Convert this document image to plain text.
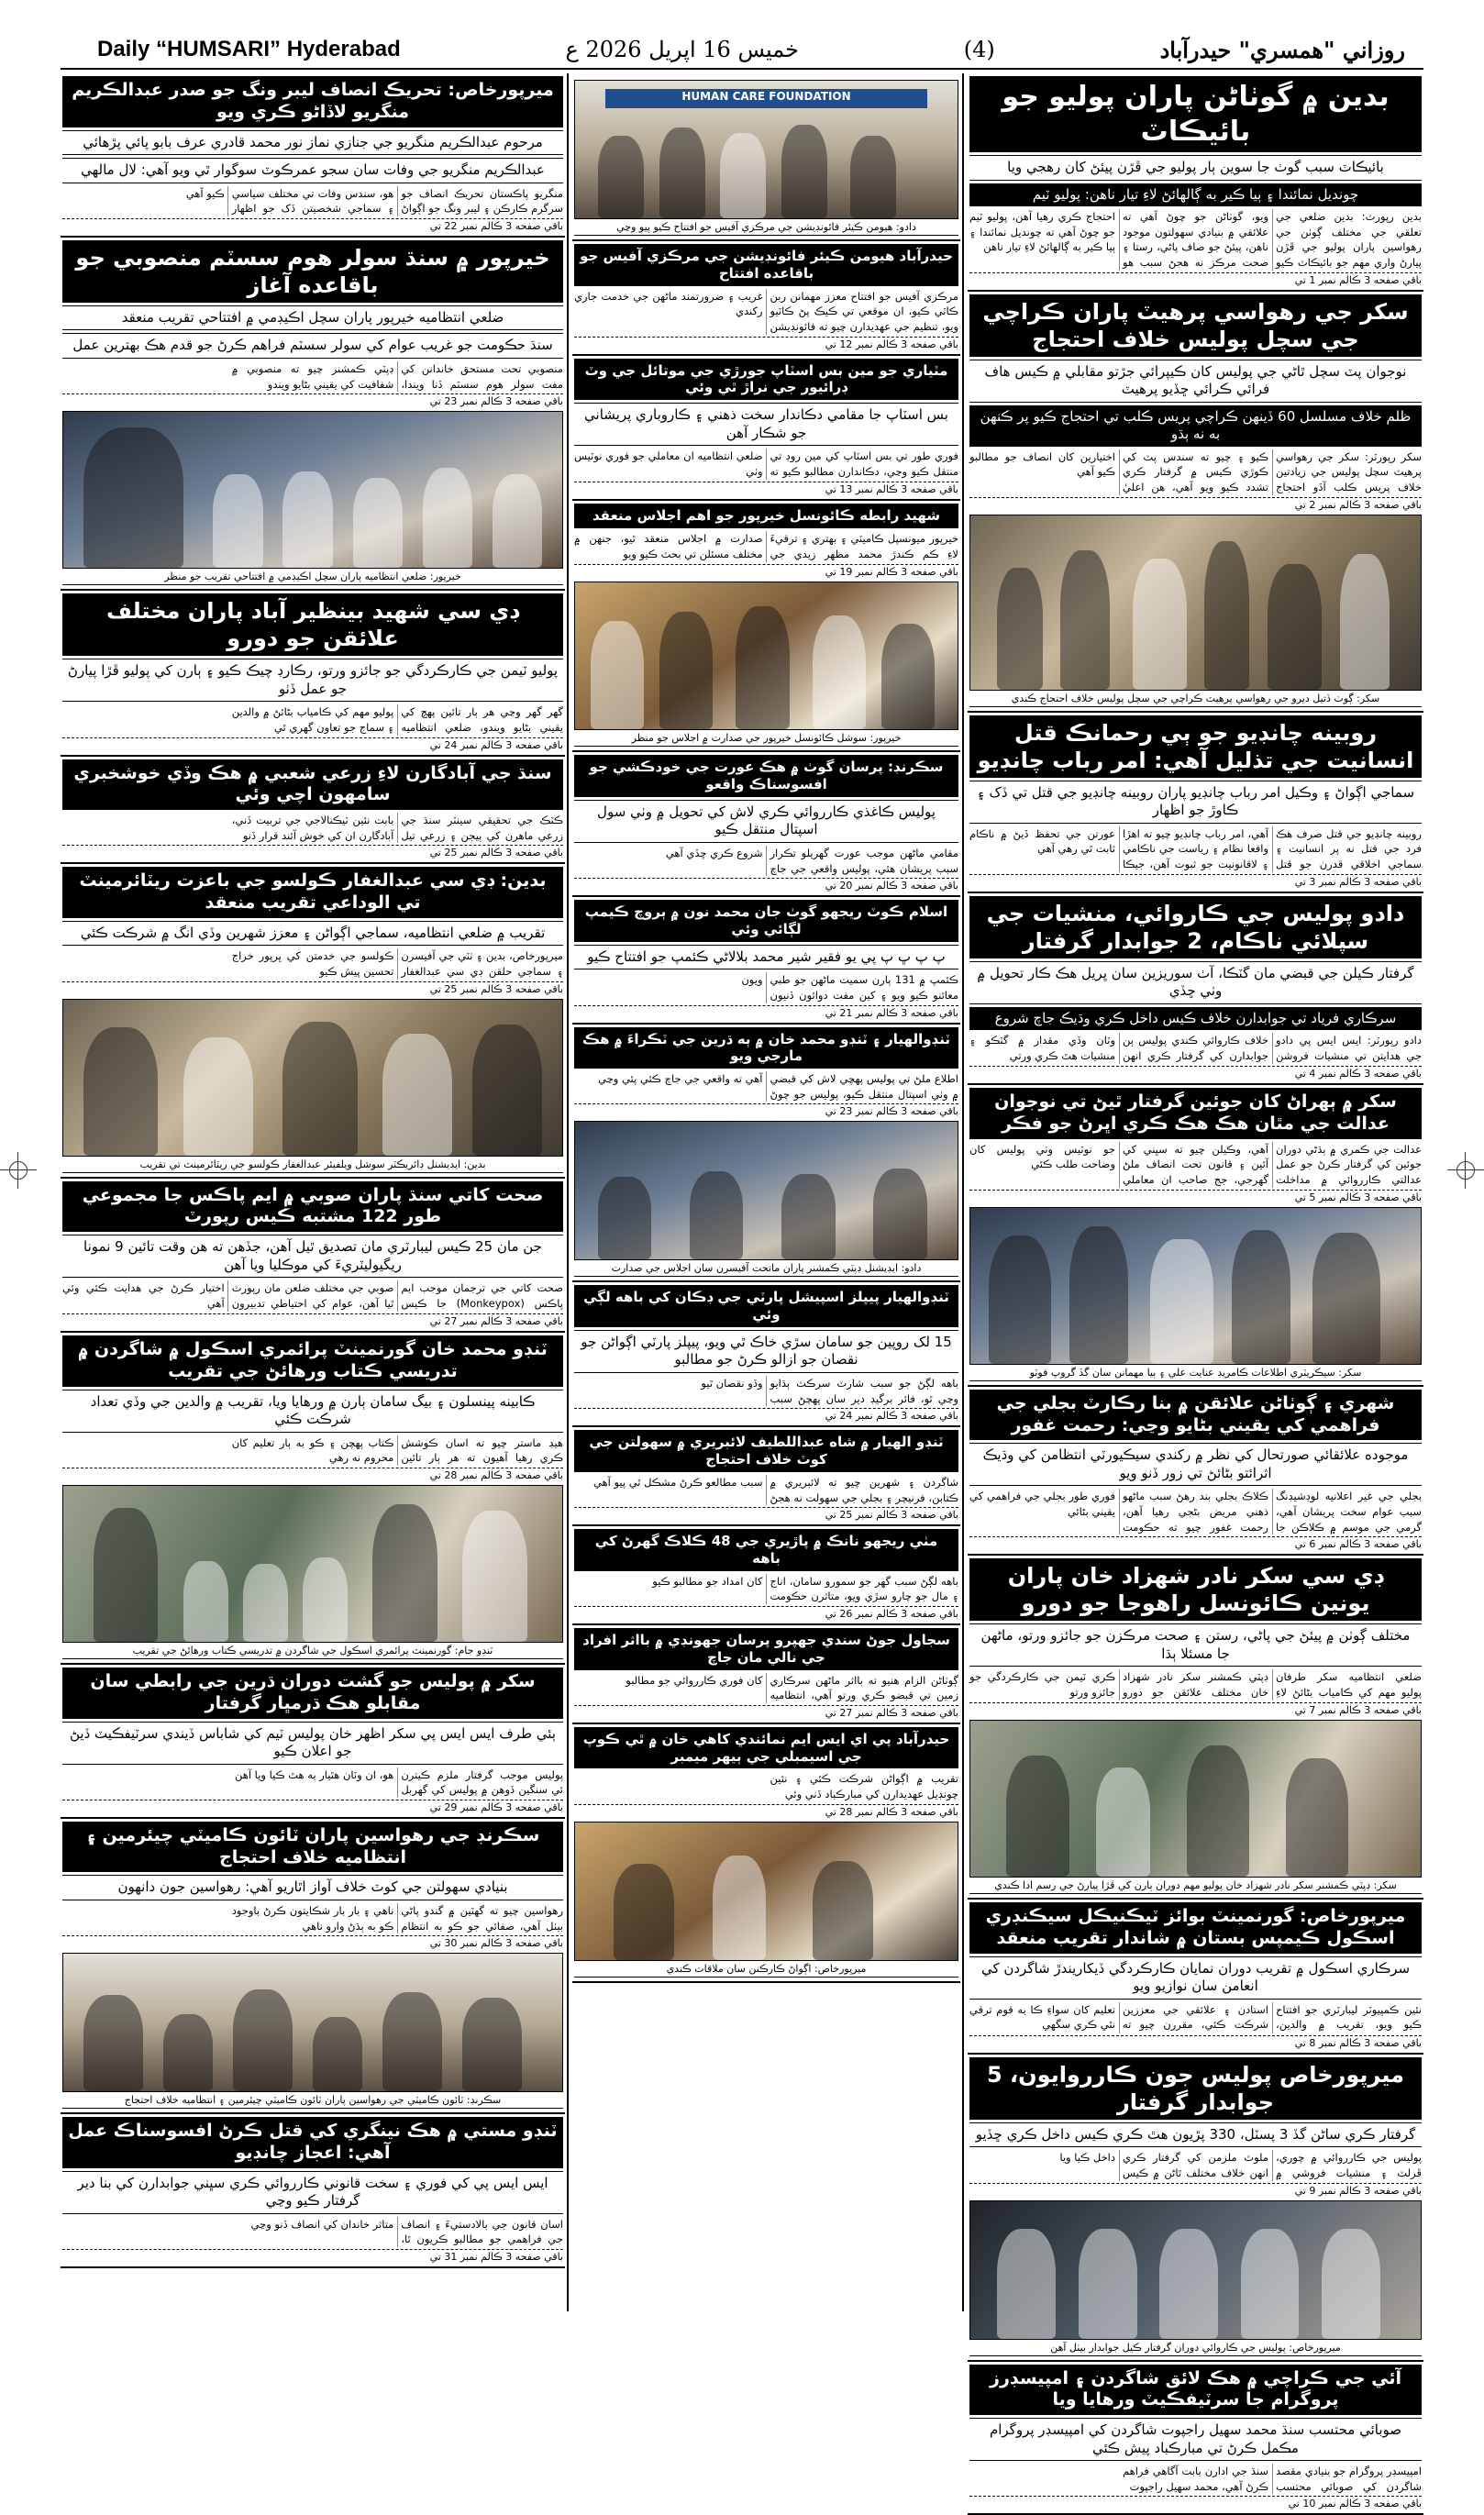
Daily “HUMSARI” Hyderabad	خميس 16 اپريل 2026 ع	(4)	روزاني "همسري" حيدرآباد
بدين ۾ گوٺاڻن پاران پوليو جو بائيڪاٽ
بائيڪاٽ سبب گوٺ جا سوين ٻار پوليو جي ڦڙن پيئڻ کان رهجي ويا
چونديل نمائندا ۽ ٻيا ڪير به ڳالهائڻ لاءِ تيار ناهن: پوليو ٽيم

بدين رپورٽ: بدين ضلعي جي تعلقي جي مختلف ڳوٺن جي رهواسين پاران پوليو جي ڦڙن پيارڻ واري مهم جو بائيڪاٽ ڪيو ويو، گوٺاڻن جو چوڻ آهي ته علائقي ۾ بنيادي سهولتون موجود ناهن، پيئڻ جو صاف پاڻي، رستا ۽ صحت مرڪز نه هجڻ سبب هو احتجاج ڪري رهيا آهن، پوليو ٽيم جو چوڻ آهي ته چونديل نمائندا ۽ ٻيا ڪير به ڳالهائڻ لاءِ تيار ناهن

باقي صفحه 3 ڪالم نمبر 1 تي
سکر جي رهواسي پرهيٽ پاران ڪراچي جي سچل پوليس خلاف احتجاج
نوجوان پٽ سچل ٿاڻي جي پوليس کان ڪيپرائي جڙتو مقابلي ۾ ڪيس هاف فرائي ڪرائي ڇڏيو پرهيٽ
ظلم خلاف مسلسل 60 ڏينهن ڪراچي پريس ڪلب تي احتجاج ڪيو پر ڪنهن به نه ٻڌو

سکر رپورٽر: سکر جي رهواسي پرهيٽ سچل پوليس جي زيادتين خلاف پريس ڪلب آڏو احتجاج ڪيو ۽ چيو ته سندس پٽ کي ڪوڙي ڪيس ۾ گرفتار ڪري تشدد ڪيو ويو آهي، هن اعليٰ اختيارين کان انصاف جو مطالبو ڪيو آهي

باقي صفحه 3 ڪالم نمبر 2 تي
سکر: ڳوٺ ڏتيل ديرو جي رهواسي پرهيٽ ڪراچي جي سچل پوليس خلاف احتجاج ڪندي
روبينه چانڊيو جو ٻي رحمانڪ قتل انسانيت جي تذليل آهي: امر رباب چانڊيو
سماجي اڳواڻ ۽ وڪيل امر رباب چانڊيو پاران روبينه چانڊيو جي قتل تي ڏک ۽ ڪاوڙ جو اظهار

روبينه چانڊيو جي قتل صرف هڪ فرد جي قتل نه پر انسانيت ۽ سماجي اخلاقي قدرن جو قتل آهي، امر رباب چانڊيو چيو ته اهڙا واقعا نظام ۽ رياست جي ناڪامي ۽ لاقانونيت جو ثبوت آهن، جيڪا عورتن جي تحفظ ڏيڻ ۾ ناڪام ثابت ٿي رهي آهي

باقي صفحه 3 ڪالم نمبر 3 تي
دادو پوليس جي ڪاروائي، منشيات جي سپلائي ناڪام، 2 جوابدار گرفتار
گرفتار ڪيلن جي قبضي مان گٽڪا، آٺ سوريزين سان ڀريل هڪ ڪار تحويل ۾ وٺي ڇڏي
سرڪاري فرياد تي جوابدارن خلاف ڪيس داخل ڪري وڌيڪ جاچ شروع

دادو رپورٽر: ايس ايس پي دادو جي هدايتن تي منشيات فروشن خلاف ڪاروائي ڪندي پوليس ٻن جوابدارن کي گرفتار ڪري انهن وٽان وڏي مقدار ۾ گٽڪو ۽ منشيات هٿ ڪري ورتي

باقي صفحه 3 ڪالم نمبر 4 تي
سکر ۾ ٻهراڻ کان جوئين گرفتار ٿيڻ تي نوجوان عدالت جي مٿان هڪ هڪ ڪري اڀرڻ جو فڪر

عدالت جي ڪمري ۾ ٻڌڻي دوران جوئين کي گرفتار ڪرڻ جو عمل عدالتي ڪارروائي ۾ مداخلت آهي، وڪيلن چيو ته سڀني کي آئين ۽ قانون تحت انصاف ملڻ گهرجي، جج صاحب ان معاملي جو نوٽيس وٺي پوليس کان وضاحت طلب ڪئي

باقي صفحه 3 ڪالم نمبر 5 تي
سکر: سيڪريٽري اطلاعات ڪامريڊ عنايت علي ۽ ٻيا مهمانن سان گڏ گروپ فوٽو
شهري ۽ ڳوٺاڻن علائقن ۾ بنا رڪارٽ بجلي جي فراهمي کي يقيني بڻايو وڃي: رحمت غفور
موجوده علائقائي صورتحال کي نظر ۾ رکندي سيڪيورٽي انتظامن کي وڌيڪ اثرائتو بڻائڻ تي زور ڏنو ويو

بجلي جي غير اعلانيه لوڊشيڊنگ سبب عوام سخت پريشان آهي، گرمي جي موسم ۾ ڪلاڪن جا ڪلاڪ بجلي بند رهڻ سبب ماڻهو ذهني مريض بڻجي رهيا آهن، رحمت غفور چيو ته حڪومت فوري طور بجلي جي فراهمي کي يقيني بڻائي

باقي صفحه 3 ڪالم نمبر 6 تي
ڊي سي سکر نادر شهزاد خان پاران يونين ڪائونسل راهوجا جو دورو
مختلف ڳوٺن ۾ پيئڻ جي پاڻي، رستن ۽ صحت مرڪزن جو جائزو ورتو، ماڻهن جا مسئلا ٻڌا

ضلعي انتظاميه سکر طرفان پوليو مهم کي ڪامياب بڻائڻ لاءِ ڊپٽي ڪمشنر سکر نادر شهزاد خان مختلف علائقن جو دورو ڪري ٽيمن جي ڪارڪردگي جو جائزو ورتو

باقي صفحه 3 ڪالم نمبر 7 تي
سکر: ڊپٽي ڪمشنر سکر نادر شهزاد خان پوليو مهم دوران ٻارن کي ڦڙا پيارڻ جي رسم ادا ڪندي
ميرپورخاص: گورنمينٽ بوائز ٽيڪنيڪل سيڪنڊري اسڪول ڪيمپس بستان ۾ شاندار تقريب منعقد
سرڪاري اسڪول ۾ تقريب دوران نمايان ڪارڪردگي ڏيکاريندڙ شاگردن کي انعامن سان نوازيو ويو

نئين ڪمپيوٽر ليبارٽري جو افتتاح ڪيو ويو، تقريب ۾ والدين، استادن ۽ علائقي جي معززين شرڪت ڪئي، مقررن چيو ته تعليم کان سواءِ ڪا به قوم ترقي نٿي ڪري سگهي

باقي صفحه 3 ڪالم نمبر 8 تي
ميرپورخاص پوليس جون ڪارروايون، 5 جوابدار گرفتار
گرفتار ڪري ساڻن گڏ 3 پسٽل، 330 پڙيون هٿ ڪري ڪيس داخل ڪري ڇڏيو

پوليس جي ڪارروائي ۾ چوري، ڦرلٽ ۽ منشيات فروشي ۾ ملوث ملزمن کي گرفتار ڪري انهن خلاف مختلف ٿاڻن ۾ ڪيس داخل ڪيا ويا

باقي صفحه 3 ڪالم نمبر 9 تي
ميرپورخاص: پوليس جي ڪاروائي دوران گرفتار ڪيل جوابدار بيٺل آهن
آئي جي ڪراچي ۾ هڪ لائق شاگردن ۽ امپيسڊرز پروگرام جا سرٽيفڪيٽ ورهايا ويا
صوبائي محتسب سنڌ محمد سهيل راجپوت شاگردن کي امپيسڊر پروگرام مڪمل ڪرڻ تي مبارڪباد پيش ڪئي

امپيسڊر پروگرام جو بنيادي مقصد شاگردن کي صوبائي محتسب سنڌ جي ادارن بابت آگاهي فراهم ڪرڻ آهي، محمد سهيل راجپوت

باقي صفحه 3 ڪالم نمبر 10 تي
HUMAN CARE FOUNDATION
دادو: هيومن ڪيئر فائونڊيشن جي مرڪزي آفيس جو افتتاح ڪيو پيو وڃي
حيدرآباد هيومن ڪيئر فائونڊيشن جي مرڪزي آفيس جو باقاعده افتتاح

مرڪزي آفيس جو افتتاح معزز مهمانن ربن ڪاٽي ڪيو، ان موقعي تي ڪيڪ پڻ ڪاٽيو ويو، تنظيم جي عهديدارن چيو ته فائونڊيشن غريب ۽ ضرورتمند ماڻهن جي خدمت جاري رکندي

باقي صفحه 3 ڪالم نمبر 12 تي
مٽياري جو مين بس اسٽاپ جورڙي جي موتائل جي وٽ ڊرائيور جي نراڙ ٿي وئي
بس اسٽاپ جا مقامي دڪاندار سخت ذهني ۽ ڪاروباري پريشاني جو شڪار آهن

فوري طور تي بس اسٽاپ کي مين روڊ تي منتقل ڪيو وڃي، دڪاندارن مطالبو ڪيو ته ضلعي انتظاميه ان معاملي جو فوري نوٽيس وٺي

باقي صفحه 3 ڪالم نمبر 13 تي
شهيد رابطه ڪائونسل خيرپور جو اهم اجلاس منعقد

خيرپور ميونسپل ڪاميٽي ۽ بهتري ۽ ترقيءَ لاءِ ڪم ڪندڙ محمد مظهر زيدي جي صدارت ۾ اجلاس منعقد ٿيو، جنهن ۾ مختلف مسئلن تي بحث ڪيو ويو

باقي صفحه 3 ڪالم نمبر 19 تي
خيرپور: سوشل ڪائونسل خيرپور جي صدارت ۾ اجلاس جو منظر
سڪرنڊ: پرسان گوٺ ۾ هڪ عورت جي خودڪشي جو افسوسناڪ واقعو
پوليس ڪاغذي ڪارروائي ڪري لاش کي تحويل ۾ وٺي سول اسپتال منتقل ڪيو

مقامي ماڻهن موجب عورت گهريلو تڪرار سبب پريشان هئي، پوليس واقعي جي جاچ شروع ڪري ڇڏي آهي

باقي صفحه 3 ڪالم نمبر 20 تي
اسلام ڪوٽ ريجهو گوٺ جان محمد نون ۾ ٻروچ ڪيمپ لڳائي وئي
پ پ ڀ پ پي يو فقير شير محمد بلالاڻي ڪئمپ جو افتتاح ڪيو

ڪئمپ ۾ 131 ٻارن سميت ماڻهن جو طبي معائنو ڪيو ويو ۽ کين مفت دوائون ڏنيون ويون

باقي صفحه 3 ڪالم نمبر 21 تي
ٽنڊوالهيار ۽ ٽنڊو محمد خان ۾ ٻه ڌرين جي ٽڪراءَ ۾ هڪ مارجي ويو

اطلاع ملڻ تي پوليس پهچي لاش کي قبضي ۾ وٺي اسپتال منتقل ڪيو، پوليس جو چوڻ آهي ته واقعي جي جاچ ڪئي پئي وڃي

باقي صفحه 3 ڪالم نمبر 23 تي
دادو: ايڊيشنل ڊپٽي ڪمشنر پاران ماتحت آفيسرن سان اجلاس جي صدارت
ٽنڊوالهيار پيپلز اسپيشل پارٽي جي ڊڪان کي باهه لڳي وئي
15 لک روپين جو سامان سڙي خاڪ ٿي ويو، پيپلز پارٽي اڳواڻن جو نقصان جو ازالو ڪرڻ جو مطالبو

باهه لڳڻ جو سبب شارٽ سرڪٽ ٻڌايو وڃي ٿو، فائر برگيڊ دير سان پهچڻ سبب وڏو نقصان ٿيو

باقي صفحه 3 ڪالم نمبر 24 تي
ٽنڊو الهيار ۾ شاه عبداللطيف لائبريري ۾ سهولتن جي کوٽ خلاف احتجاج

شاگردن ۽ شهرين چيو ته لائبريري ۾ ڪتابن، فرنيچر ۽ بجلي جي سهولت نه هجڻ سبب مطالعو ڪرڻ مشڪل ٿي پيو آهي

باقي صفحه 3 ڪالم نمبر 25 تي
مٺي ريجهو نانڪ ۾ پاڙيري جي 48 ڪلاڪ گهرڻ کي باهه

باهه لڳڻ سبب گهر جو سمورو سامان، اناج ۽ مال جو چارو سڙي ويو، متاثرن حڪومت کان امداد جو مطالبو ڪيو

باقي صفحه 3 ڪالم نمبر 26 تي
سجاول جوڻ سندي جهپرو پرسان جهونڊي ۾ بااثر افراد جي نالي مان جاچ

ڳوٺاڻن الزام هنيو ته بااثر ماڻهن سرڪاري زمين تي قبضو ڪري ورتو آهي، انتظاميه کان فوري ڪارروائي جو مطالبو

باقي صفحه 3 ڪالم نمبر 27 تي
حيدرآباد پي اي ايس ايم نمائندي کاهي خان ۾ ٿي ڪوپ جي اسيمبلي جي ٻيهر ميمبر

تقريب ۾ اڳواڻن شرڪت ڪئي ۽ نئين چونڊيل عهديدارن کي مبارڪباد ڏني وئي

باقي صفحه 3 ڪالم نمبر 28 تي
ميرپورخاص: اڳواڻ ڪارڪنن سان ملاقات ڪندي
ميرپورخاص: تحريڪ انصاف ليبر ونگ جو صدر عبدالڪريم منگريو لاڏاڻو ڪري ويو
مرحوم عبدالڪريم منگريو جي جنازي نماز نور محمد قادري عرف بابو پائي پڙهائي
عبدالڪريم منگريو جي وفات سان سجو عمرڪوٽ سوگوار ٿي ويو آهي: لال مالهي

منگريو پاڪستان تحريڪ انصاف جو سرگرم ڪارڪن ۽ ليبر ونگ جو اڳواڻ هو، سندس وفات تي مختلف سياسي ۽ سماجي شخصيتن ڏک جو اظهار ڪيو آهي

باقي صفحه 3 ڪالم نمبر 22 تي
خيرپور ۾ سنڌ سولر هوم سسٽم منصوبي جو باقاعده آغاز
ضلعي انتظاميه خيرپور پاران سچل اڪيڊمي ۾ افتتاحي تقريب منعقد
سنڌ حڪومت جو غريب عوام کي سولر سسٽم فراهم ڪرڻ جو قدم هڪ بهترين عمل

منصوبي تحت مستحق خاندانن کي مفت سولر هوم سسٽم ڏنا ويندا، ڊپٽي ڪمشنر چيو ته منصوبي ۾ شفافيت کي يقيني بڻايو ويندو

باقي صفحه 3 ڪالم نمبر 23 تي
خيرپور: ضلعي انتظاميه پاران سچل اڪيڊمي ۾ افتتاحي تقريب جو منظر
ڊي سي شهيد بينظير آباد پاران مختلف علائقن جو دورو
پوليو ٽيمن جي ڪارڪردگي جو جائزو ورتو، رڪارڊ چيڪ ڪيو ۽ ٻارن کي پوليو ڦڙا پيارڻ جو عمل ڏٺو

گهر گهر وڃي هر ٻار تائين پهچ کي يقيني بڻايو ويندو، ضلعي انتظاميه پوليو مهم کي ڪامياب بڻائڻ ۾ والدين ۽ سماج جو تعاون گهري ٿي

باقي صفحه 3 ڪالم نمبر 24 تي
سنڌ جي آبادگارن لاءِ زرعي شعبي ۾ هڪ وڏي خوشخبري سامهون اچي وئي

ڪٽڪ جي تحقيقي سينٽر سنڌ جي زرعي ماهرن کي ٻيجن ۽ زرعي تيل بابت نئين ٽيڪنالاجي جي تربيت ڏني، آبادگارن ان کي خوش آئند قرار ڏنو

باقي صفحه 3 ڪالم نمبر 25 تي
بدين: ڊي سي عبدالغفار ڪولسو جي باعزت ريٽائرمينٽ تي الوداعي تقريب منعقد
تقريب ۾ ضلعي انتظاميه، سماجي اڳواڻن ۽ معزز شهرين وڏي انگ ۾ شرڪت ڪئي

ميرپورخاص، بدين ۽ ٺٽي جي آفيسرن ۽ سماجي حلقن ڊي سي عبدالغفار ڪولسو جي خدمتن کي ڀرپور خراج تحسين پيش ڪيو

باقي صفحه 3 ڪالم نمبر 25 تي
بدين: ايڊيشنل ڊائريڪٽر سوشل ويلفيئر عبدالغفار ڪولسو جي ريٽائرمينٽ تي تقريب
صحت کاتي سنڌ پاران صوبي ۾ ايم پاڪس جا مجموعي طور 122 مشتبه ڪيس رپورٽ
جن مان 25 ڪيس ليبارٽري مان تصديق ٿيل آهن، جڏهن ته هن وقت تائين 9 نمونا ريگيوليٽريءَ کي موڪليا ويا آهن

صحت کاتي جي ترجمان موجب ايم پاڪس (Monkeypox) جا ڪيس صوبي جي مختلف ضلعن مان رپورٽ ٿيا آهن، عوام کي احتياطي تدبيرون اختيار ڪرڻ جي هدايت ڪئي وئي آهي

باقي صفحه 3 ڪالم نمبر 27 تي
ٽنڊو محمد خان گورنمينٽ پرائمري اسڪول ۾ شاگردن ۾ تدريسي ڪتاب ورهائڻ جي تقريب
ڪابينه پينسلون ۽ بيگ سامان ٻارن ۾ ورهايا ويا، تقريب ۾ والدين جي وڏي تعداد شرڪت ڪئي

هيڊ ماستر چيو ته اسان ڪوشش ڪري رهيا آهيون ته هر ٻار تائين ڪتاب پهچن ۽ ڪو به ٻار تعليم کان محروم نه رهي

باقي صفحه 3 ڪالم نمبر 28 تي
ٽنڊو جام: گورنمينٽ پرائمري اسڪول جي شاگردن ۾ تدريسي ڪتاب ورهائڻ جي تقريب
سکر ۾ پوليس جو گشت دوران ڌرين جي رابطي سان مقابلو هڪ ڌرمڀار گرفتار
ٻئي طرف ايس ايس پي سکر اظهر خان پوليس ٽيم کي شاباس ڏيندي سرٽيفڪيٽ ڏيڻ جو اعلان ڪيو

پوليس موجب گرفتار ملزم ڪيترن ئي سنگين ڏوهن ۾ پوليس کي گهربل هو، ان وٽان هٿيار به هٿ ڪيا ويا آهن

باقي صفحه 3 ڪالم نمبر 29 تي
سڪرنڊ جي رهواسين پاران ٽائون ڪاميٽي چيئرمين ۽ انتظاميه خلاف احتجاج
بنيادي سهولتن جي کوٽ خلاف آواز اٿاريو آهي: رهواسين جون دانهون

رهواسين چيو ته گهٽين ۾ گندو پاڻي بيٺل آهي، صفائي جو ڪو به انتظام ناهي ۽ بار بار شڪايتون ڪرڻ باوجود ڪو به ٻڌڻ وارو ناهي

باقي صفحه 3 ڪالم نمبر 30 تي
سڪرنڊ: ٽائون ڪاميٽي جي رهواسين پاران ٽائون ڪاميٽي چيئرمين ۽ انتظاميه خلاف احتجاج
ٽنڊو مستي ۾ هڪ نينگري کي قتل ڪرڻ افسوسناڪ عمل آهي: اعجاز چانڊيو
ايس ايس پي کي فوري ۽ سخت قانوني ڪارروائي ڪري سڀني جوابدارن کي بنا دير گرفتار ڪيو وڃي

اسان قانون جي بالادستيءَ ۽ انصاف جي فراهمي جو مطالبو ڪريون ٿا، متاثر خاندان کي انصاف ڏنو وڃي

باقي صفحه 3 ڪالم نمبر 31 تي
